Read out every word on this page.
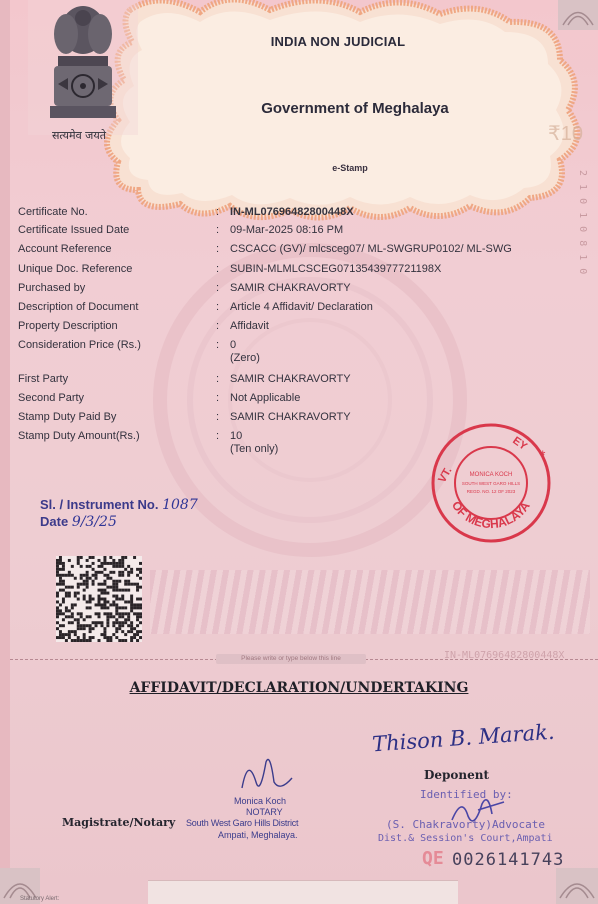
₹10
सत्यमेव जयते
INDIA NON JUDICIAL
Government of Meghalaya
e-Stamp
2 1 0 1 0 8 1 0
Certificate No.	: IN-ML07696482800448X
Certificate Issued Date	: 09-Mar-2025 08:16 PM
Account Reference	: CSCACC (GV)/ mlcsceg07/ ML-SWGRUP0102/ ML-SWG
Unique Doc. Reference	: SUBIN-MLMLCSCEG0713543977721198X
Purchased by	: SAMIR CHAKRAVORTY
Description of Document	: Article 4 Affidavit/ Declaration
Property Description	: Affidavit
Consideration Price (Rs.)	: 0
(Zero)
First Party	: SAMIR CHAKRAVORTY
Second Party	: Not Applicable
Stamp Duty Paid By	: SAMIR CHAKRAVORTY
Stamp Duty Amount(Rs.)	: 10
(Ten only)
Sl. / Instrument No. 1087
Date 9/3/25
OF MEGHALAYA
VT.
EY
MONICA KOCH
SOUTH WEST GARO HILLS
REGD. NO. 12 OF 2023
*
Please write or type below this line	IN-ML07696482800448X
AFFIDAVIT/DECLARATION/UNDERTAKING
Thison B. Marak.
Deponent
Identified by:
(S. Chakravorty)Advocate
Dist.& Session's Court,Ampati
Magistrate/Notary
Monica Koch
NOTARY
South West Garo Hills District
Ampati, Meghalaya.
QE 0026141743
Statutory Alert:
